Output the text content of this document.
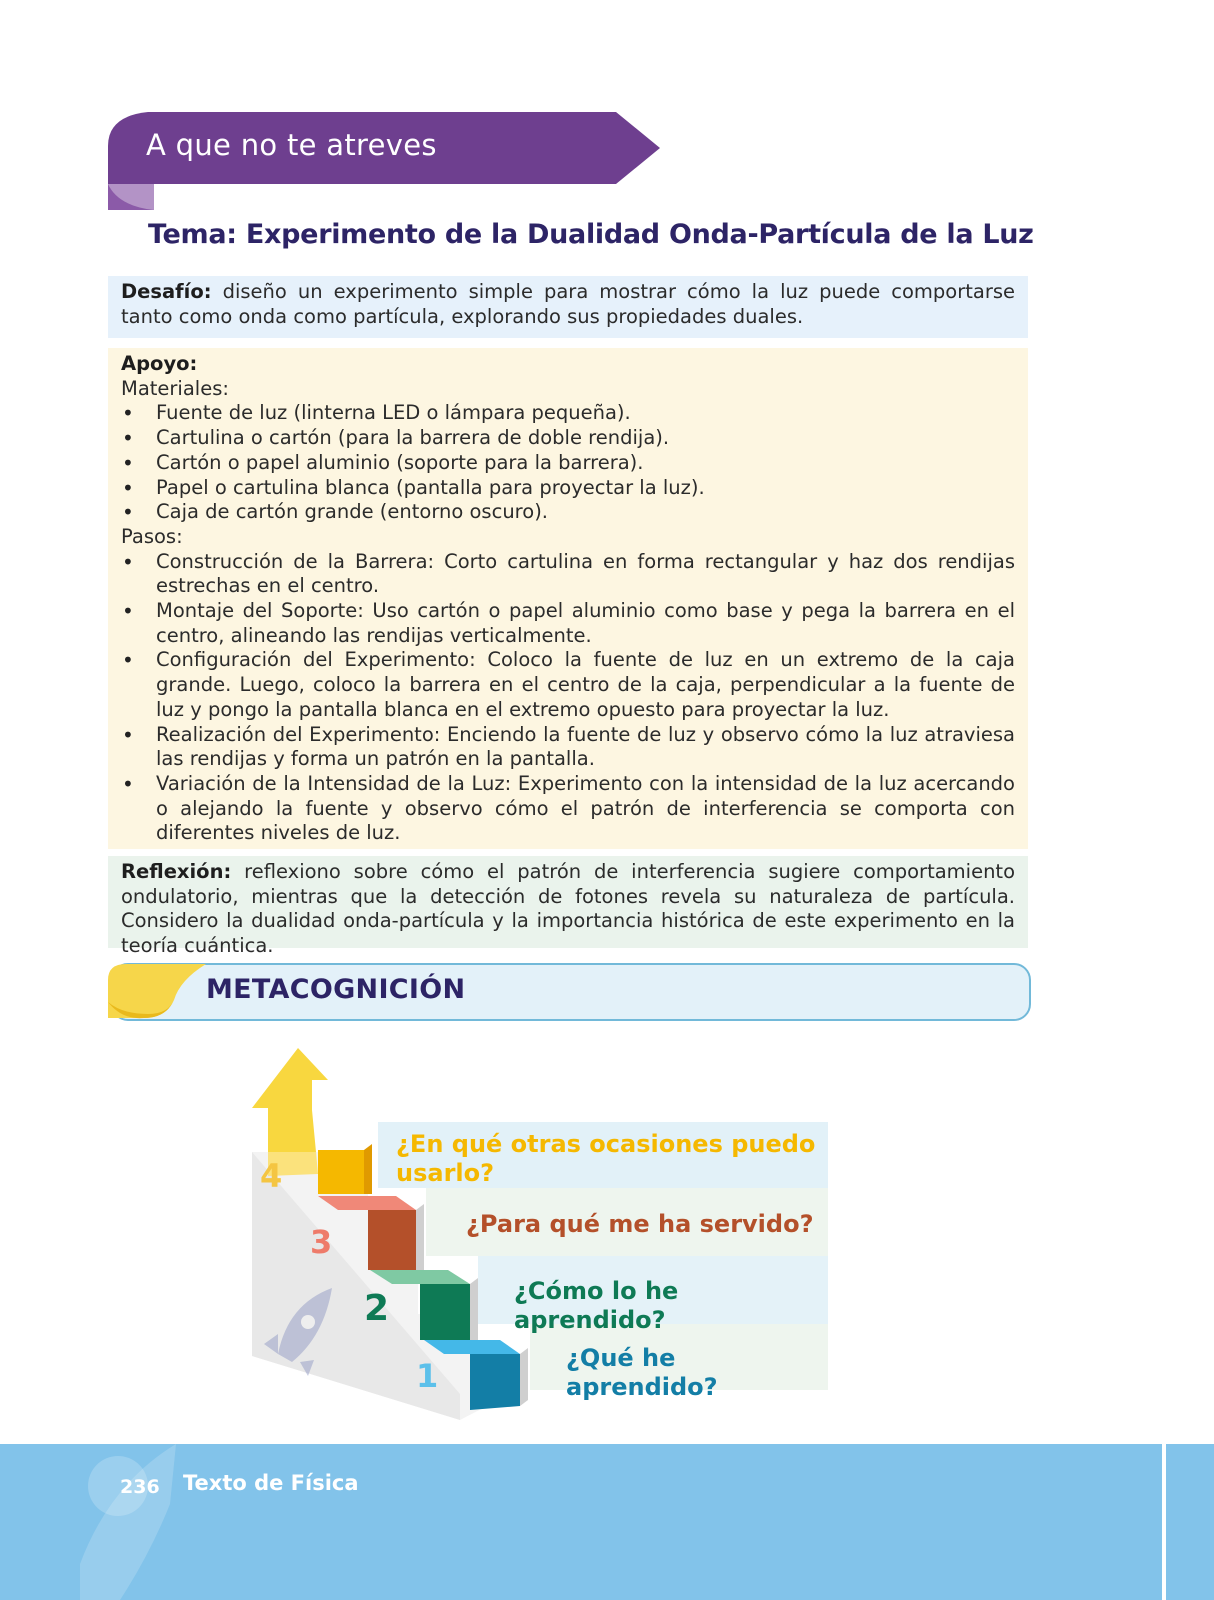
A que no te atreves
Tema: Experimento de la Dualidad Onda-Partícula de la Luz
Desafío: diseño un experimento simple para mostrar cómo la luz puede comportarse tanto como onda como partícula, explorando sus propiedades duales.
Apoyo:
Materiales:
• Fuente de luz (linterna LED o lámpara pequeña).
• Cartulina o cartón (para la barrera de doble rendija).
• Cartón o papel aluminio (soporte para la barrera).
• Papel o cartulina blanca (pantalla para proyectar la luz).
• Caja de cartón grande (entorno oscuro).
Pasos:
• Construcción de la Barrera: Corto cartulina en forma rectangular y haz dos rendijas estrechas en el centro.
• Montaje del Soporte: Uso cartón o papel aluminio como base y pega la barrera en el centro, alineando las rendijas verticalmente.
• Configuración del Experimento: Coloco la fuente de luz en un extremo de la caja grande. Luego, coloco la barrera en el centro de la caja, perpendicular a la fuente de luz y pongo la pantalla blanca en el extremo opuesto para proyectar la luz.
• Realización del Experimento: Enciendo la fuente de luz y observo cómo la luz atraviesa las rendijas y forma un patrón en la pantalla.
• Variación de la Intensidad de la Luz: Experimento con la intensidad de la luz acercando o alejando la fuente y observo cómo el patrón de interferencia se comporta con diferentes niveles de luz.
Reflexión: reflexiono sobre cómo el patrón de interferencia sugiere comportamiento ondulatorio, mientras que la detección de fotones revela su naturaleza de partícula. Considero la dualidad onda-partícula y la importancia histórica de este experimento en la teoría cuántica.
METACOGNICIÓN
4
3
2
1
¿En qué otras ocasiones puedo
usarlo?
¿Para qué me ha servido?
¿Cómo lo he aprendido?
¿Qué he aprendido?
236 Texto de Física
